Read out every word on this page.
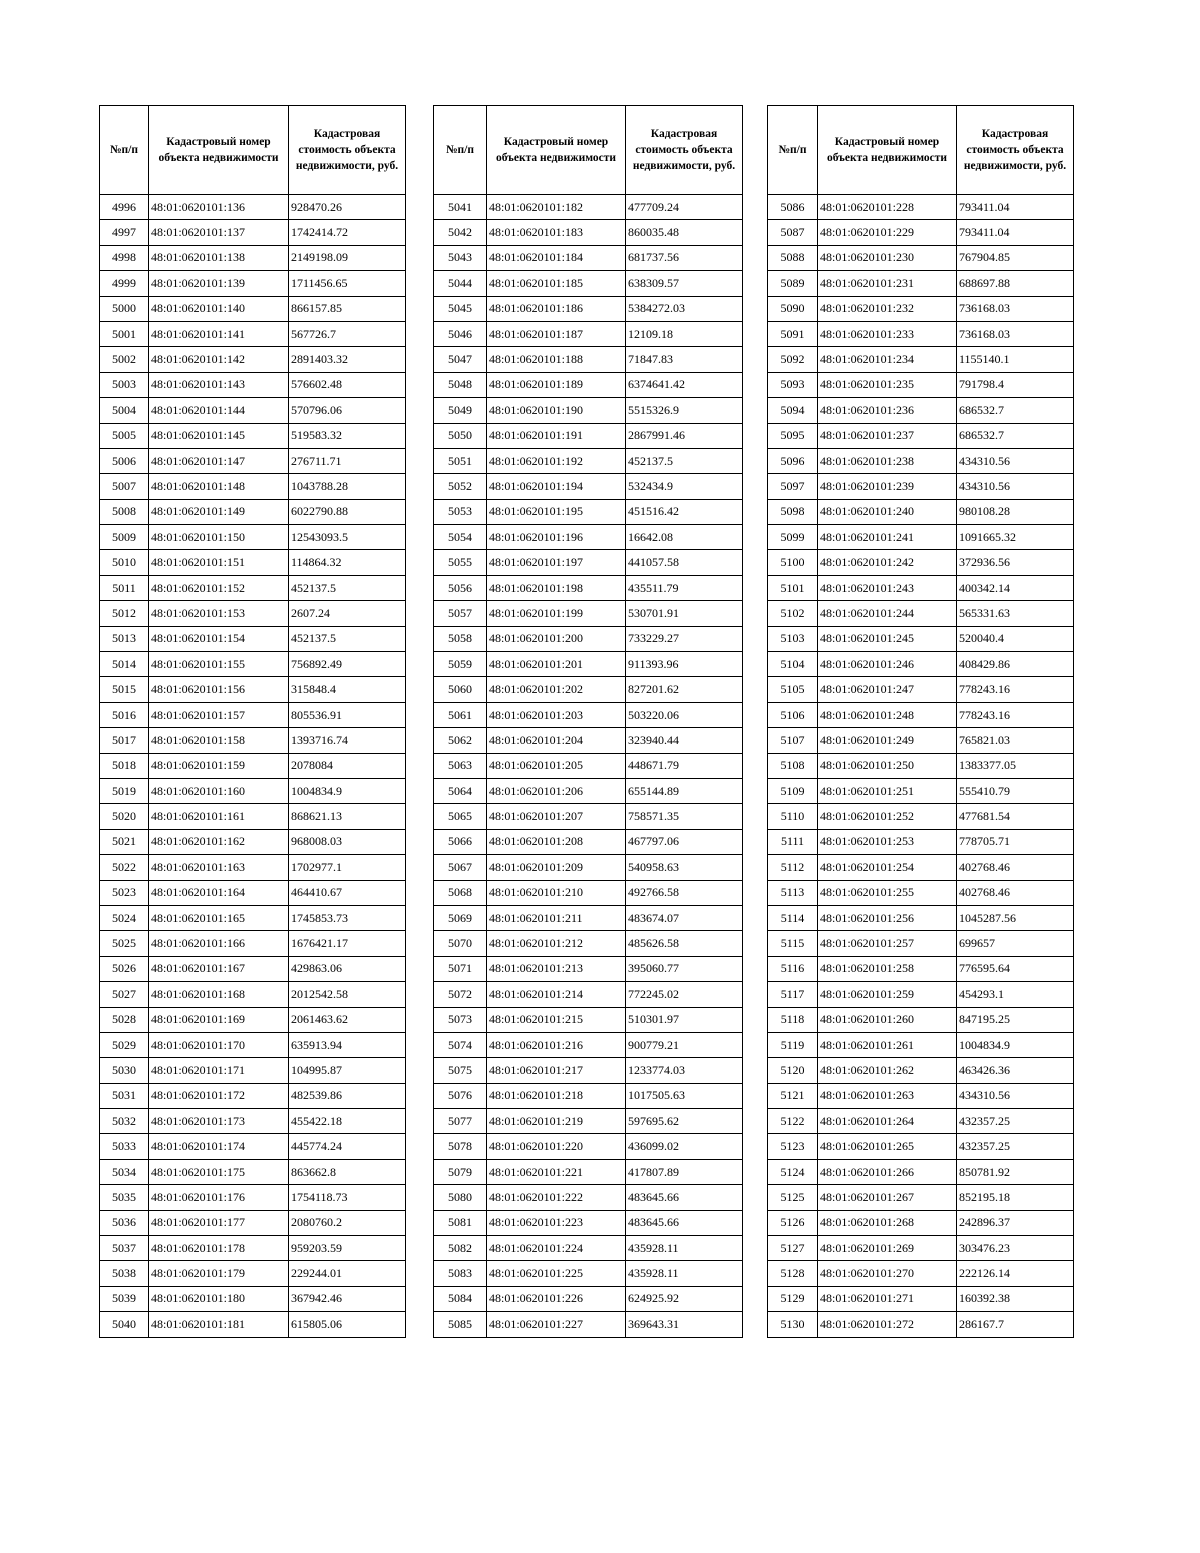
№п/п	Кадастровый номер объекта недвижимости	Кадастровая стоимость объекта недвижимости, руб.
4996	48:01:0620101:136	928470.26
4997	48:01:0620101:137	1742414.72
4998	48:01:0620101:138	2149198.09
4999	48:01:0620101:139	1711456.65
5000	48:01:0620101:140	866157.85
5001	48:01:0620101:141	567726.7
5002	48:01:0620101:142	2891403.32
5003	48:01:0620101:143	576602.48
5004	48:01:0620101:144	570796.06
5005	48:01:0620101:145	519583.32
5006	48:01:0620101:147	276711.71
5007	48:01:0620101:148	1043788.28
5008	48:01:0620101:149	6022790.88
5009	48:01:0620101:150	12543093.5
5010	48:01:0620101:151	114864.32
5011	48:01:0620101:152	452137.5
5012	48:01:0620101:153	2607.24
5013	48:01:0620101:154	452137.5
5014	48:01:0620101:155	756892.49
5015	48:01:0620101:156	315848.4
5016	48:01:0620101:157	805536.91
5017	48:01:0620101:158	1393716.74
5018	48:01:0620101:159	2078084
5019	48:01:0620101:160	1004834.9
5020	48:01:0620101:161	868621.13
5021	48:01:0620101:162	968008.03
5022	48:01:0620101:163	1702977.1
5023	48:01:0620101:164	464410.67
5024	48:01:0620101:165	1745853.73
5025	48:01:0620101:166	1676421.17
5026	48:01:0620101:167	429863.06
5027	48:01:0620101:168	2012542.58
5028	48:01:0620101:169	2061463.62
5029	48:01:0620101:170	635913.94
5030	48:01:0620101:171	104995.87
5031	48:01:0620101:172	482539.86
5032	48:01:0620101:173	455422.18
5033	48:01:0620101:174	445774.24
5034	48:01:0620101:175	863662.8
5035	48:01:0620101:176	1754118.73
5036	48:01:0620101:177	2080760.2
5037	48:01:0620101:178	959203.59
5038	48:01:0620101:179	229244.01
5039	48:01:0620101:180	367942.46
5040	48:01:0620101:181	615805.06
№п/п	Кадастровый номер объекта недвижимости	Кадастровая стоимость объекта недвижимости, руб.
5041	48:01:0620101:182	477709.24
5042	48:01:0620101:183	860035.48
5043	48:01:0620101:184	681737.56
5044	48:01:0620101:185	638309.57
5045	48:01:0620101:186	5384272.03
5046	48:01:0620101:187	12109.18
5047	48:01:0620101:188	71847.83
5048	48:01:0620101:189	6374641.42
5049	48:01:0620101:190	5515326.9
5050	48:01:0620101:191	2867991.46
5051	48:01:0620101:192	452137.5
5052	48:01:0620101:194	532434.9
5053	48:01:0620101:195	451516.42
5054	48:01:0620101:196	16642.08
5055	48:01:0620101:197	441057.58
5056	48:01:0620101:198	435511.79
5057	48:01:0620101:199	530701.91
5058	48:01:0620101:200	733229.27
5059	48:01:0620101:201	911393.96
5060	48:01:0620101:202	827201.62
5061	48:01:0620101:203	503220.06
5062	48:01:0620101:204	323940.44
5063	48:01:0620101:205	448671.79
5064	48:01:0620101:206	655144.89
5065	48:01:0620101:207	758571.35
5066	48:01:0620101:208	467797.06
5067	48:01:0620101:209	540958.63
5068	48:01:0620101:210	492766.58
5069	48:01:0620101:211	483674.07
5070	48:01:0620101:212	485626.58
5071	48:01:0620101:213	395060.77
5072	48:01:0620101:214	772245.02
5073	48:01:0620101:215	510301.97
5074	48:01:0620101:216	900779.21
5075	48:01:0620101:217	1233774.03
5076	48:01:0620101:218	1017505.63
5077	48:01:0620101:219	597695.62
5078	48:01:0620101:220	436099.02
5079	48:01:0620101:221	417807.89
5080	48:01:0620101:222	483645.66
5081	48:01:0620101:223	483645.66
5082	48:01:0620101:224	435928.11
5083	48:01:0620101:225	435928.11
5084	48:01:0620101:226	624925.92
5085	48:01:0620101:227	369643.31
№п/п	Кадастровый номер объекта недвижимости	Кадастровая стоимость объекта недвижимости, руб.
5086	48:01:0620101:228	793411.04
5087	48:01:0620101:229	793411.04
5088	48:01:0620101:230	767904.85
5089	48:01:0620101:231	688697.88
5090	48:01:0620101:232	736168.03
5091	48:01:0620101:233	736168.03
5092	48:01:0620101:234	1155140.1
5093	48:01:0620101:235	791798.4
5094	48:01:0620101:236	686532.7
5095	48:01:0620101:237	686532.7
5096	48:01:0620101:238	434310.56
5097	48:01:0620101:239	434310.56
5098	48:01:0620101:240	980108.28
5099	48:01:0620101:241	1091665.32
5100	48:01:0620101:242	372936.56
5101	48:01:0620101:243	400342.14
5102	48:01:0620101:244	565331.63
5103	48:01:0620101:245	520040.4
5104	48:01:0620101:246	408429.86
5105	48:01:0620101:247	778243.16
5106	48:01:0620101:248	778243.16
5107	48:01:0620101:249	765821.03
5108	48:01:0620101:250	1383377.05
5109	48:01:0620101:251	555410.79
5110	48:01:0620101:252	477681.54
5111	48:01:0620101:253	778705.71
5112	48:01:0620101:254	402768.46
5113	48:01:0620101:255	402768.46
5114	48:01:0620101:256	1045287.56
5115	48:01:0620101:257	699657
5116	48:01:0620101:258	776595.64
5117	48:01:0620101:259	454293.1
5118	48:01:0620101:260	847195.25
5119	48:01:0620101:261	1004834.9
5120	48:01:0620101:262	463426.36
5121	48:01:0620101:263	434310.56
5122	48:01:0620101:264	432357.25
5123	48:01:0620101:265	432357.25
5124	48:01:0620101:266	850781.92
5125	48:01:0620101:267	852195.18
5126	48:01:0620101:268	242896.37
5127	48:01:0620101:269	303476.23
5128	48:01:0620101:270	222126.14
5129	48:01:0620101:271	160392.38
5130	48:01:0620101:272	286167.7
